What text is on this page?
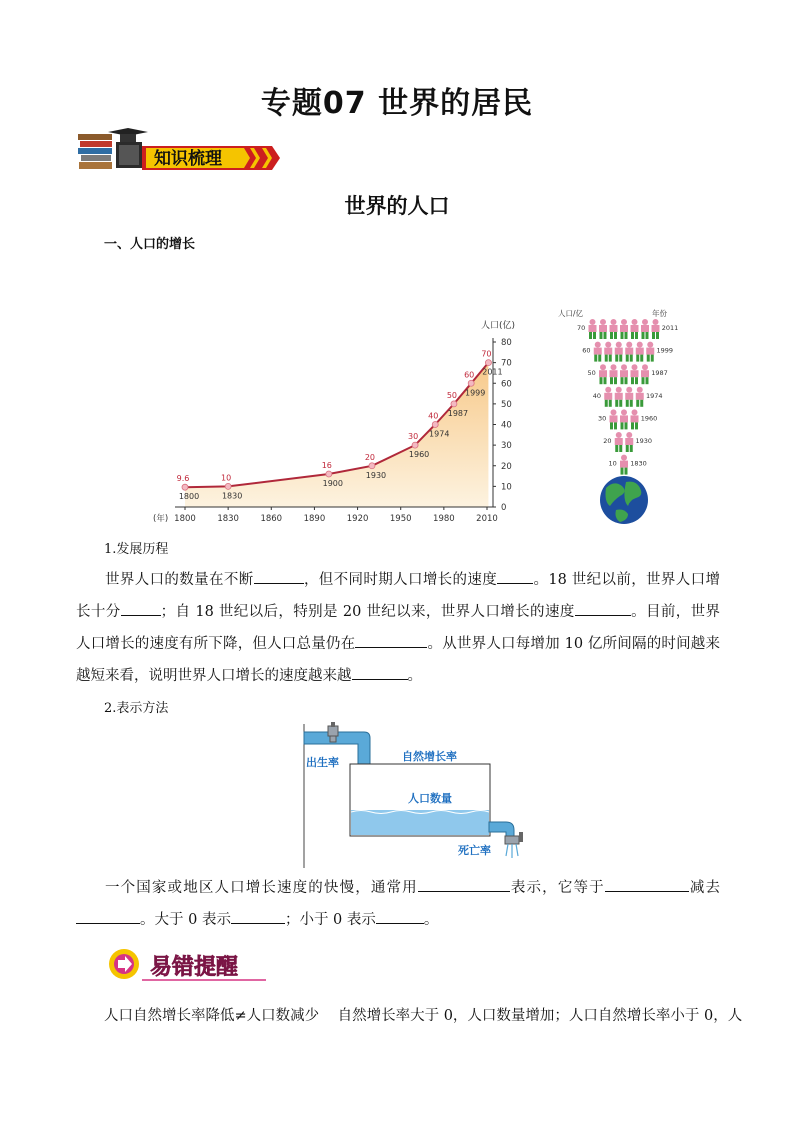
专题07 世界的居民
知识梳理
世界的人口
一、人口的增长
1800	1830	1860	1890	1920	1950	1980	2010
(年)
0
10
20
30
40
50
60
70
80
人口(亿)
9.6
1800
10
1830
16
1900
20
1930
30
1960
40
1974
50
1987
60
1999
70
2011
人口/亿	年份
70	2011
60	1999
50	1987
40	1974
30	1960
20	1930
10 1830
1.发展历程
世界人口的数量在不断	，但不同时期人口增长的速度 。18 世纪以前，世界人口增长十分	；自 18 世纪以后，特别是 20 世纪以来，世界人口增长的速度	。目前，世界人口增长的速度有所下降，但人口总量仍在	。从世界人口每增加 10 亿所间隔的时间越来越短来看，说明世界人口增长的速度越来越	。
2.表示方法
出生率	自然增长率
人口数量
死亡率
一个国家或地区人口增长速度的快慢，通常用	表示，它等于	减去。大于 0 表示	；小于 0 表示	。
易错提醒
人口自然增长率降低≠人口数减少    自然增长率大于 0，人口数量增加；人口自然增长率小于 0，人
